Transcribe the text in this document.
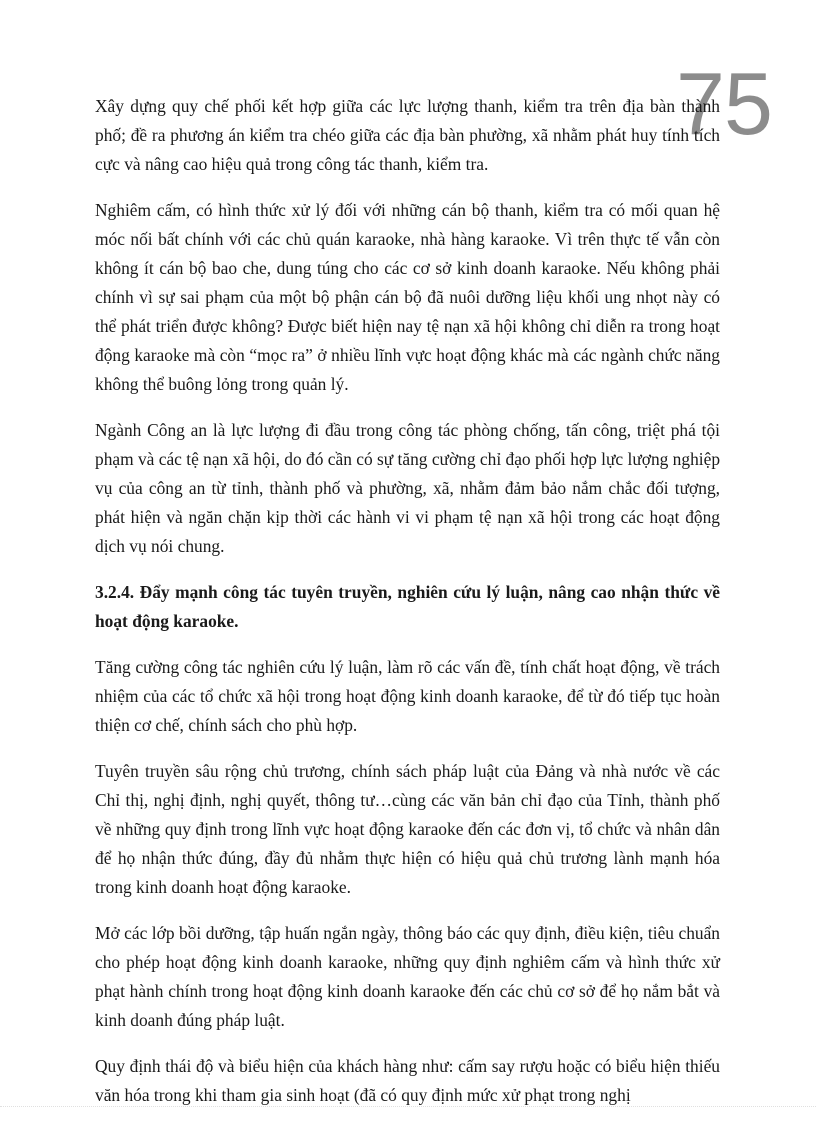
75

Xây dựng quy chế phối kết hợp giữa các lực lượng thanh, kiểm tra trên địa bàn thành phố; đề ra phương án kiểm tra chéo giữa các địa bàn phường, xã nhằm phát huy tính tích cực và nâng cao hiệu quả trong công tác thanh, kiểm tra.

Nghiêm cấm, có hình thức xử lý đối với những cán bộ thanh, kiểm tra có mối quan hệ móc nối bất chính với các chủ quán karaoke, nhà hàng karaoke. Vì trên thực tế vẫn còn không ít cán bộ bao che, dung túng cho các cơ sở kinh doanh karaoke. Nếu không phải chính vì sự sai phạm của một bộ phận cán bộ đã nuôi dưỡng liệu khối ung nhọt này có thể phát triển được không? Được biết hiện nay tệ nạn xã hội không chỉ diễn ra trong hoạt động karaoke mà còn “mọc ra” ở nhiều lĩnh vực hoạt động khác mà các ngành chức năng không thể buông lỏng trong quản lý.

Ngành Công an là lực lượng đi đầu trong công tác phòng chống, tấn công, triệt phá tội phạm và các tệ nạn xã hội, do đó cần có sự tăng cường chỉ đạo phối hợp lực lượng nghiệp vụ của công an từ tỉnh, thành phố và phường, xã, nhằm đảm bảo nắm chắc đối tượng, phát hiện và ngăn chặn kịp thời các hành vi vi phạm tệ nạn xã hội trong các hoạt động dịch vụ nói chung.

3.2.4. Đẩy mạnh công tác tuyên truyền, nghiên cứu lý luận, nâng cao nhận thức về hoạt động karaoke.

Tăng cường công tác nghiên cứu lý luận, làm rõ các vấn đề, tính chất hoạt động, về trách nhiệm của các tổ chức xã hội trong hoạt động kinh doanh karaoke, để từ đó tiếp tục hoàn thiện cơ chế, chính sách cho phù hợp.

Tuyên truyền sâu rộng chủ trương, chính sách pháp luật của Đảng và nhà nước về các Chỉ thị, nghị định, nghị quyết, thông tư…cùng các văn bản chỉ đạo của Tỉnh, thành phố về những quy định trong lĩnh vực hoạt động karaoke đến các đơn vị, tổ chức và nhân dân để họ nhận thức đúng, đầy đủ nhằm thực hiện có hiệu quả chủ trương lành mạnh hóa trong kinh doanh hoạt động karaoke.

Mở các lớp bồi dưỡng, tập huấn ngắn ngày, thông báo các quy định, điều kiện, tiêu chuẩn cho phép hoạt động kinh doanh karaoke, những quy định nghiêm cấm và hình thức xử phạt hành chính trong hoạt động kinh doanh karaoke đến các chủ cơ sở để họ nắm bắt và kinh doanh đúng pháp luật.

Quy định thái độ và biểu hiện của khách hàng như: cấm say rượu hoặc có biểu hiện thiếu văn hóa trong khi tham gia sinh hoạt (đã có quy định mức xử phạt trong nghị
